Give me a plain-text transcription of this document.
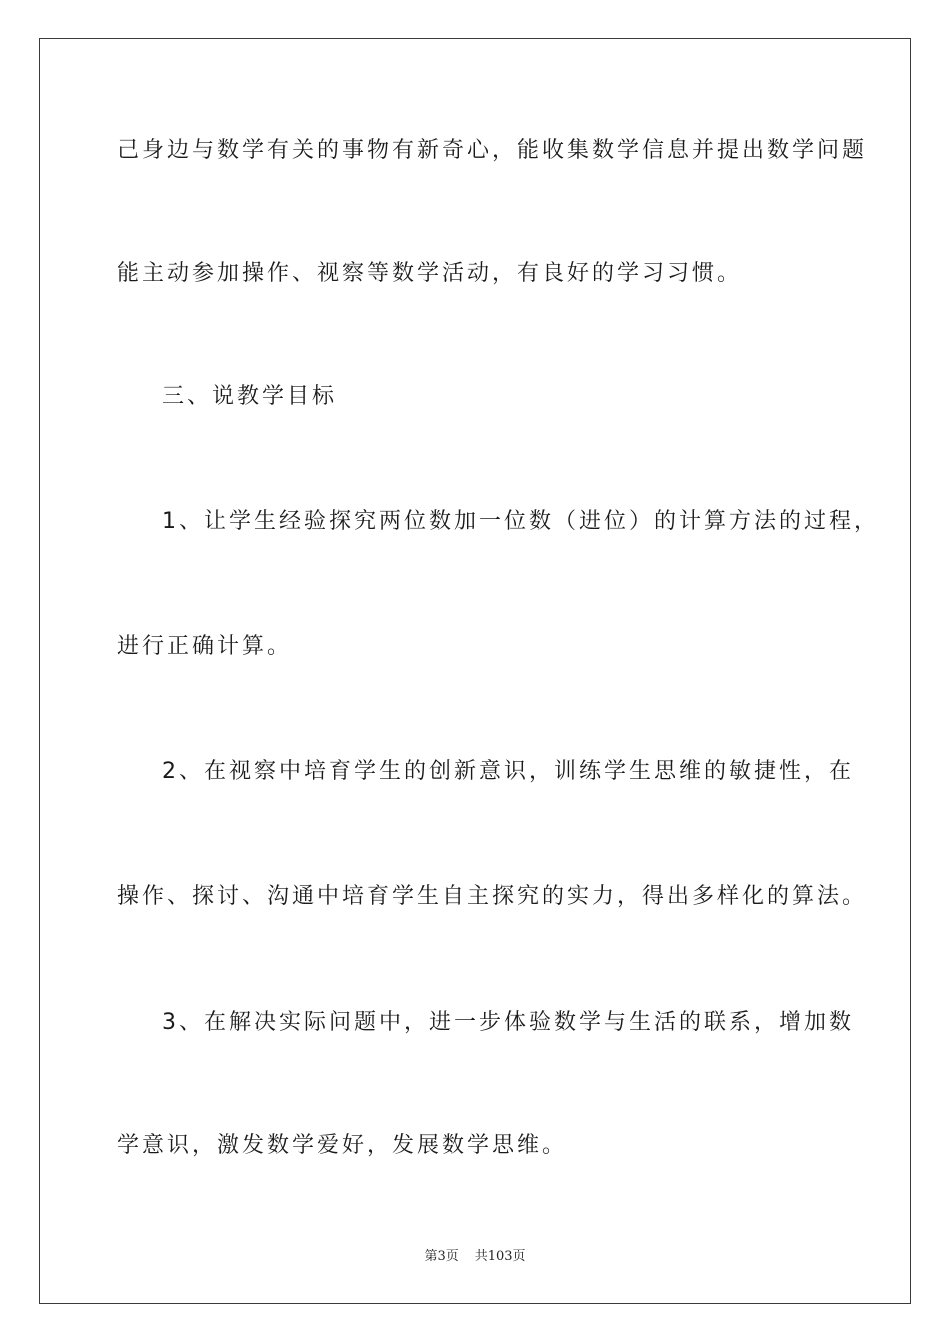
己身边与数学有关的事物有新奇心，能收集数学信息并提出数学问题
能主动参加操作、视察等数学活动，有良好的学习习惯。
三、说教学目标
1、让学生经验探究两位数加一位数（进位）的计算方法的过程，
进行正确计算。
2、在视察中培育学生的创新意识，训练学生思维的敏捷性，在
操作、探讨、沟通中培育学生自主探究的实力，得出多样化的算法。
3、在解决实际问题中，进一步体验数学与生活的联系，增加数
学意识，激发数学爱好，发展数学思维。
第3页 共103页
